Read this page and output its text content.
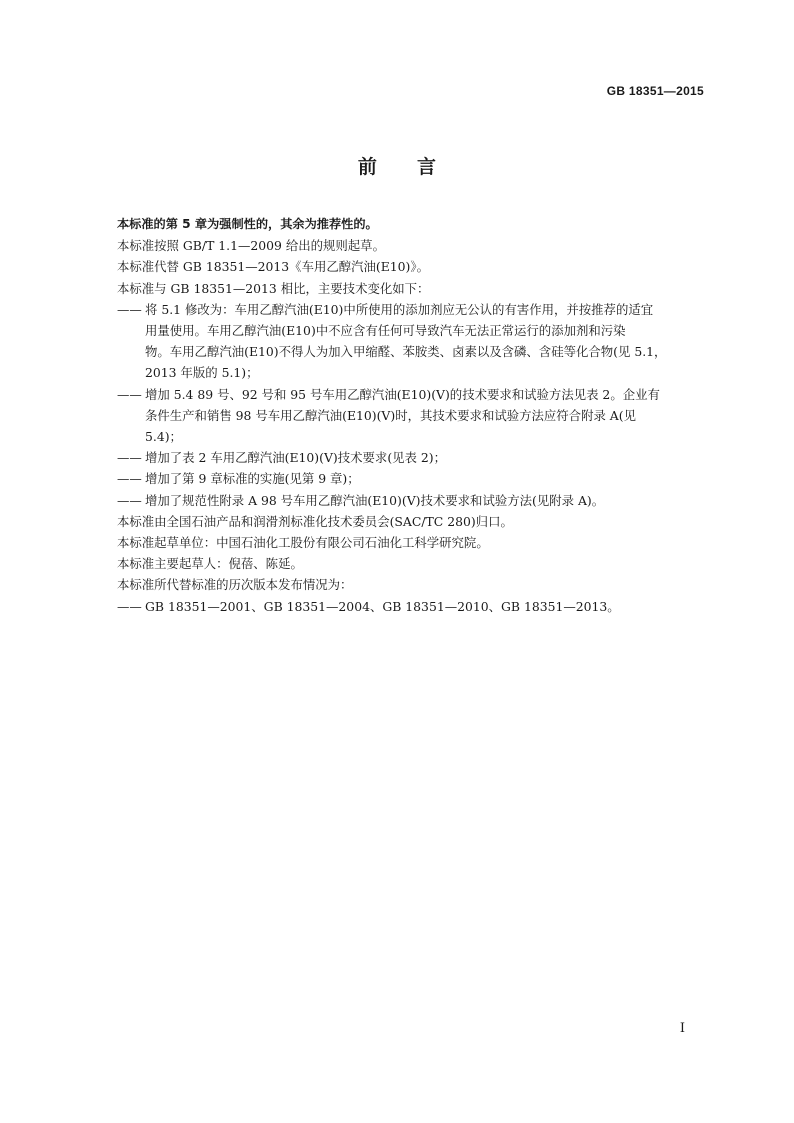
GB 18351—2015
前 言

本标准的第 5 章为强制性的，其余为推荐性的。

本标准按照 GB/T 1.1—2009 给出的规则起草。

本标准代替 GB 18351—2013《车用乙醇汽油(E10)》。

本标准与 GB 18351—2013 相比，主要技术变化如下：

—— 将 5.1 修改为：车用乙醇汽油(E10)中所使用的添加剂应无公认的有害作用，并按推荐的适宜
用量使用。车用乙醇汽油(E10)中不应含有任何可导致汽车无法正常运行的添加剂和污染
物。车用乙醇汽油(E10)不得人为加入甲缩醛、苯胺类、卤素以及含磷、含硅等化合物(见 5.1，
2013 年版的 5.1)；
—— 增加 5.4 89 号、92 号和 95 号车用乙醇汽油(E10)(Ⅴ)的技术要求和试验方法见表 2。企业有
条件生产和销售 98 号车用乙醇汽油(E10)(Ⅴ)时，其技术要求和试验方法应符合附录 A(见
5.4)；
—— 增加了表 2 车用乙醇汽油(E10)(Ⅴ)技术要求(见表 2)；
—— 增加了第 9 章标准的实施(见第 9 章)；
—— 增加了规范性附录 A 98 号车用乙醇汽油(E10)(Ⅴ)技术要求和试验方法(见附录 A)。

本标准由全国石油产品和润滑剂标准化技术委员会(SAC/TC 280)归口。

本标准起草单位：中国石油化工股份有限公司石油化工科学研究院。

本标准主要起草人：倪蓓、陈延。

本标准所代替标准的历次版本发布情况为：

—— GB 18351—2001、GB 18351—2004、GB 18351—2010、GB 18351—2013。
I
